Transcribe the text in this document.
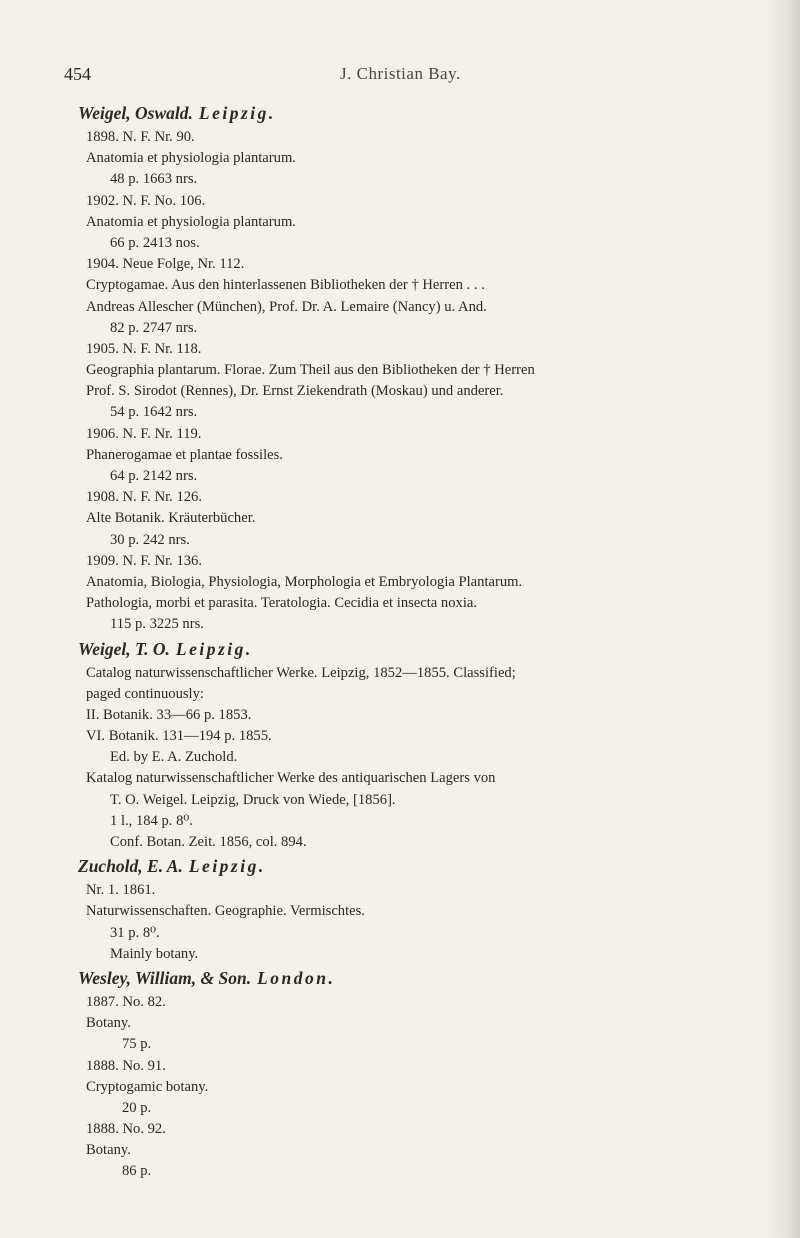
454	J. Christian Bay.
Weigel, Oswald. Leipzig.
1898. N. F. Nr. 90.
Anatomia et physiologia plantarum.
48 p. 1663 nrs.
1902. N. F. No. 106.
Anatomia et physiologia plantarum.
66 p. 2413 nos.
1904. Neue Folge, Nr. 112.
Cryptogamae. Aus den hinterlassenen Bibliotheken der † Herren . . .
Andreas Allescher (München), Prof. Dr. A. Lemaire (Nancy) u. And.
82 p. 2747 nrs.
1905. N. F. Nr. 118.
Geographia plantarum. Florae. Zum Theil aus den Bibliotheken der † Herren
Prof. S. Sirodot (Rennes), Dr. Ernst Ziekendrath (Moskau) und anderer.
54 p. 1642 nrs.
1906. N. F. Nr. 119.
Phanerogamae et plantae fossiles.
64 p. 2142 nrs.
1908. N. F. Nr. 126.
Alte Botanik. Kräuterbücher.
30 p. 242 nrs.
1909. N. F. Nr. 136.
Anatomia, Biologia, Physiologia, Morphologia et Embryologia Plantarum.
Pathologia, morbi et parasita. Teratologia. Cecidia et insecta noxia.
115 p. 3225 nrs.
Weigel, T. O. Leipzig.
Catalog naturwissenschaftlicher Werke. Leipzig, 1852—1855. Classified;
paged continuously:
II. Botanik. 33—66 p. 1853.
VI. Botanik. 131—194 p. 1855.
Ed. by E. A. Zuchold.
Katalog naturwissenschaftlicher Werke des antiquarischen Lagers von
T. O. Weigel. Leipzig, Druck von Wiede, [1856].
1 l., 184 p. 8⁰.
Conf. Botan. Zeit. 1856, col. 894.
Zuchold, E. A. Leipzig.
Nr. 1. 1861.
Naturwissenschaften. Geographie. Vermischtes.
31 p. 8⁰.
Mainly botany.
Wesley, William, & Son. London.
1887. No. 82.
Botany.
75 p.
1888. No. 91.
Cryptogamic botany.
20 p.
1888. No. 92.
Botany.
86 p.
